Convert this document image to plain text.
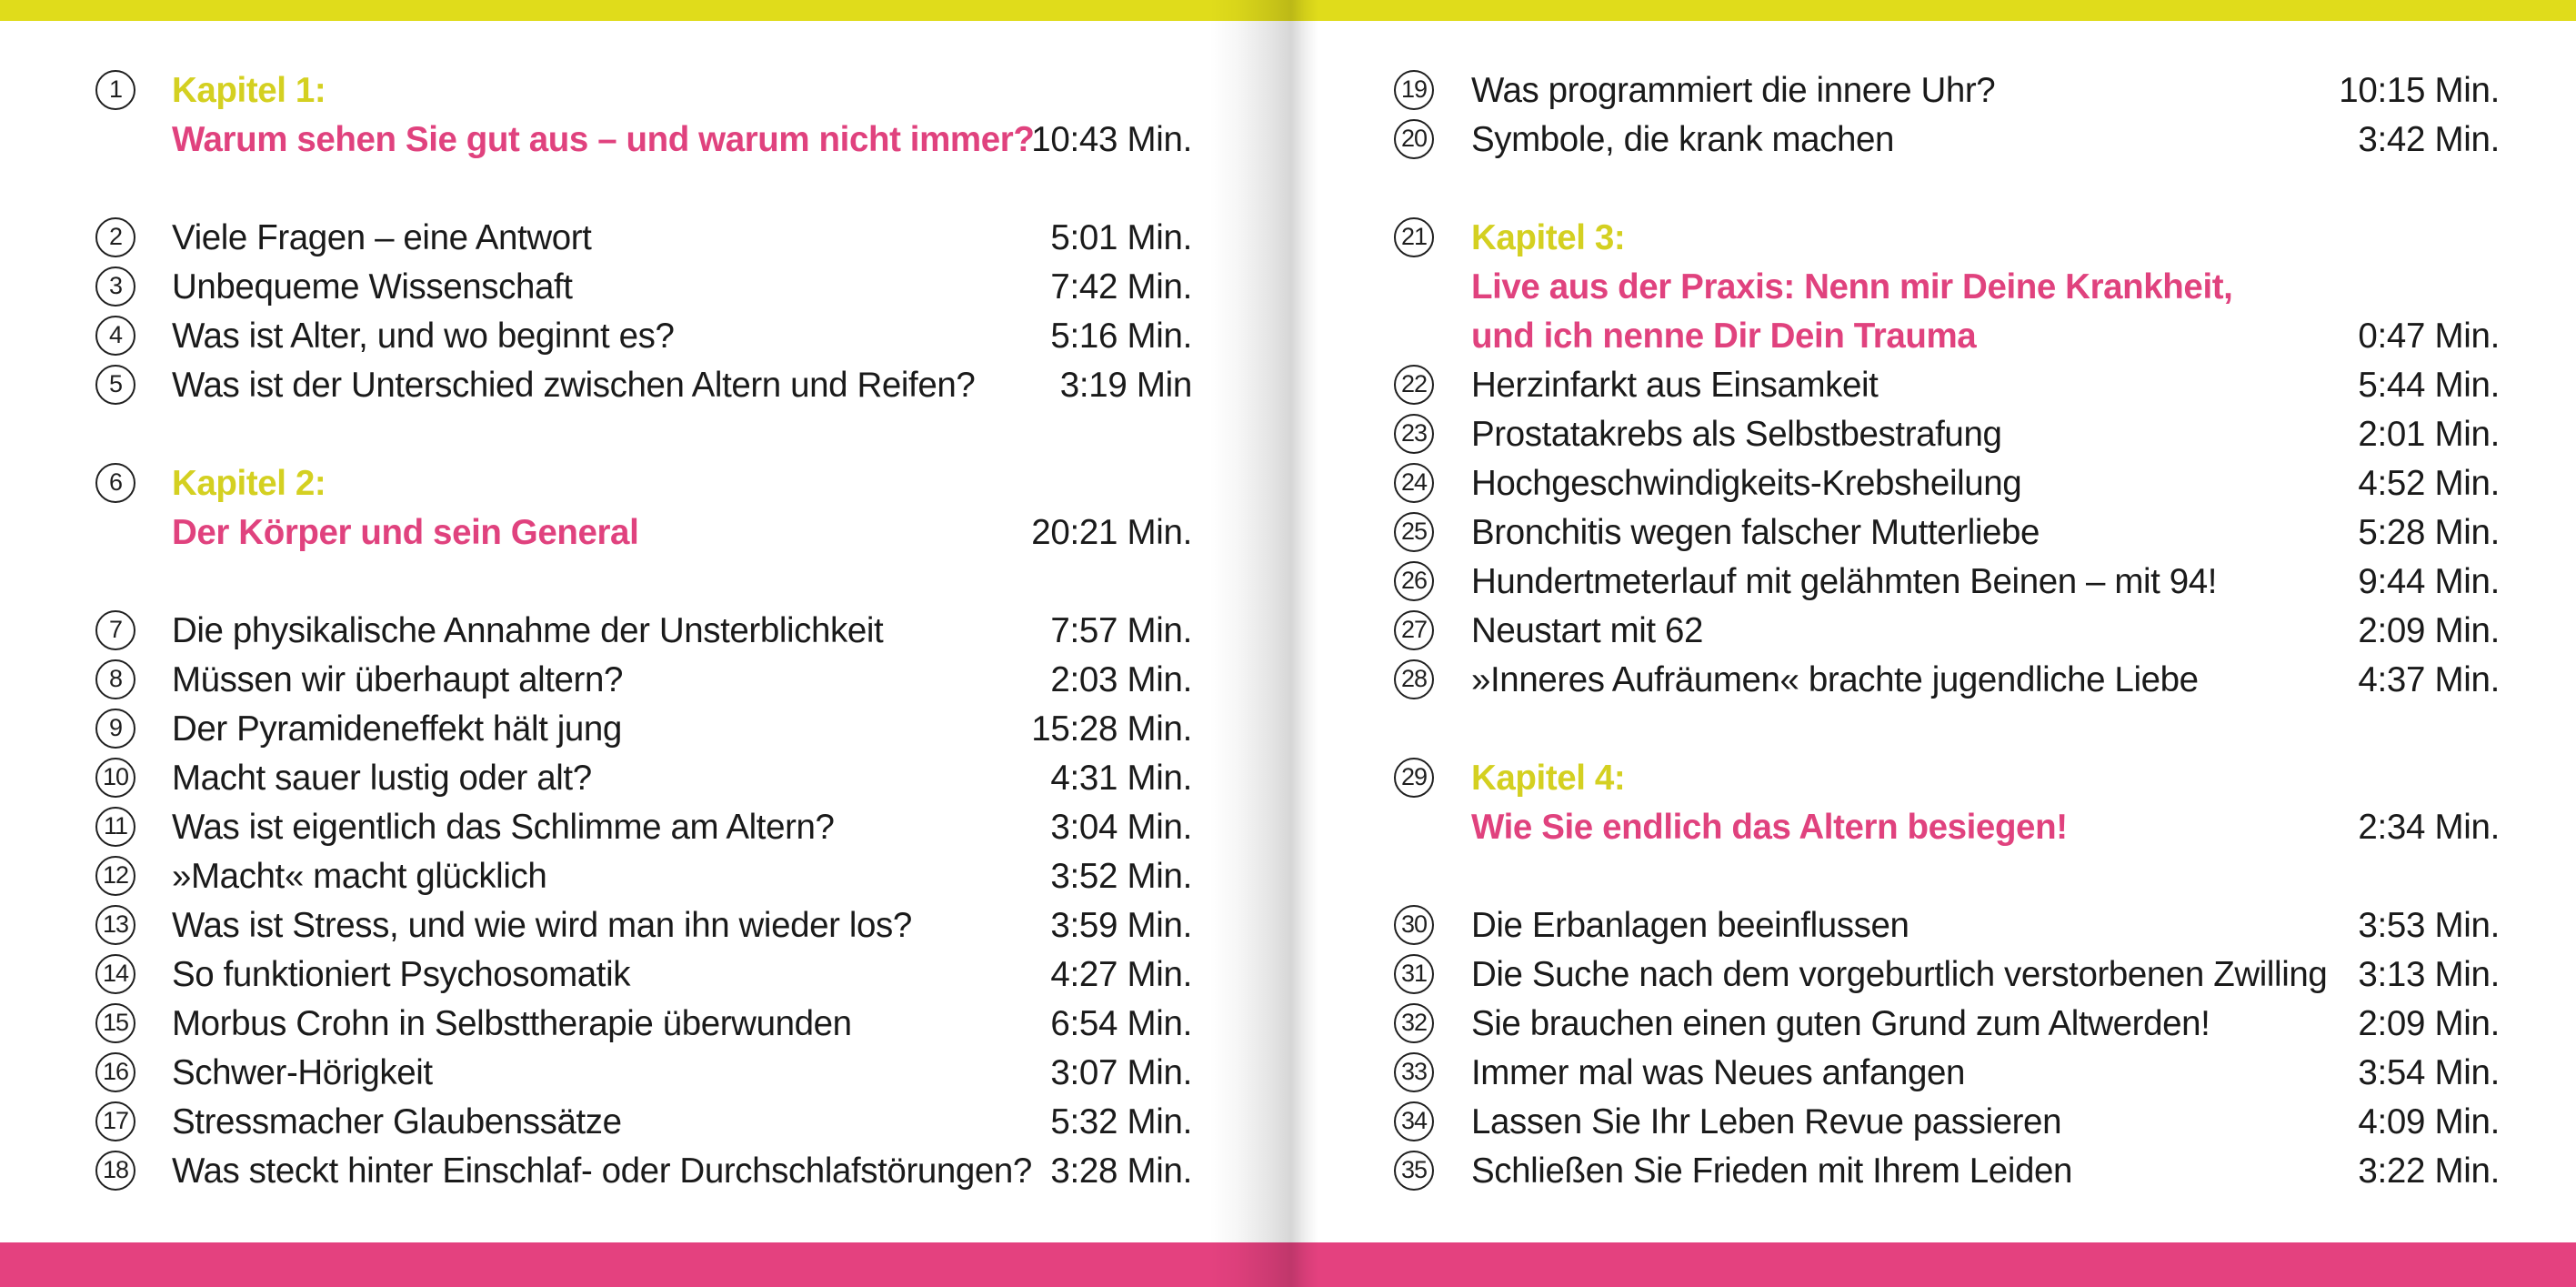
1	Kapitel 1:
Warum sehen Sie gut aus – und warum nicht immer?
10:43 Min.
2	Viele Fragen – eine Antwort	5:01 Min.
3	Unbequeme Wissenschaft	7:42 Min.
4	Was ist Alter, und wo beginnt es?	5:16 Min.
5	Was ist der Unterschied zwischen Altern und Reifen? 3:19 Min
6	Kapitel 2:
Der Körper und sein General	20:21 Min.
7	Die physikalische Annahme der Unsterblichkeit	7:57 Min.
8	Müssen wir überhaupt altern?	2:03 Min.
9	Der Pyramideneffekt hält jung	15:28 Min.
10 Macht sauer lustig oder alt?	4:31 Min.
11 Was ist eigentlich das Schlimme am Altern?	3:04 Min.
12 »Macht« macht glücklich	3:52 Min.
13 Was ist Stress, und wie wird man ihn wieder los?	3:59 Min.
14 So funktioniert Psychosomatik	4:27 Min.
15 Morbus Crohn in Selbsttherapie überwunden	6:54 Min.
16 Schwer-Hörigkeit	3:07 Min.
17 Stressmacher Glaubenssätze	5:32 Min.
18 Was steckt hinter Einschlaf- oder Durchschlafstörungen? 3:28 Min.
19 Was programmiert die innere Uhr?	10:15 Min.
20 Symbole, die krank machen	3:42 Min.
21 Kapitel 3:
Live aus der Praxis: Nenn mir Deine Krankheit,
und ich nenne Dir Dein Trauma	0:47 Min.
22 Herzinfarkt aus Einsamkeit	5:44 Min.
23 Prostatakrebs als Selbstbestrafung	2:01 Min.
24 Hochgeschwindigkeits-Krebsheilung	4:52 Min.
25 Bronchitis wegen falscher Mutterliebe	5:28 Min.
26 Hundertmeterlauf mit gelähmten Beinen – mit 94!	9:44 Min.
27 Neustart mit 62	2:09 Min.
28 »Inneres Aufräumen« brachte jugendliche Liebe	4:37 Min.
29 Kapitel 4:
Wie Sie endlich das Altern besiegen!	2:34 Min.
30 Die Erbanlagen beeinflussen	3:53 Min.
31 Die Suche nach dem vorgeburtlich verstorbenen Zwilling 3:13 Min.
32 Sie brauchen einen guten Grund zum Altwerden!	2:09 Min.
33 Immer mal was Neues anfangen	3:54 Min.
34 Lassen Sie Ihr Leben Revue passieren	4:09 Min.
35 Schließen Sie Frieden mit Ihrem Leiden	3:22 Min.
